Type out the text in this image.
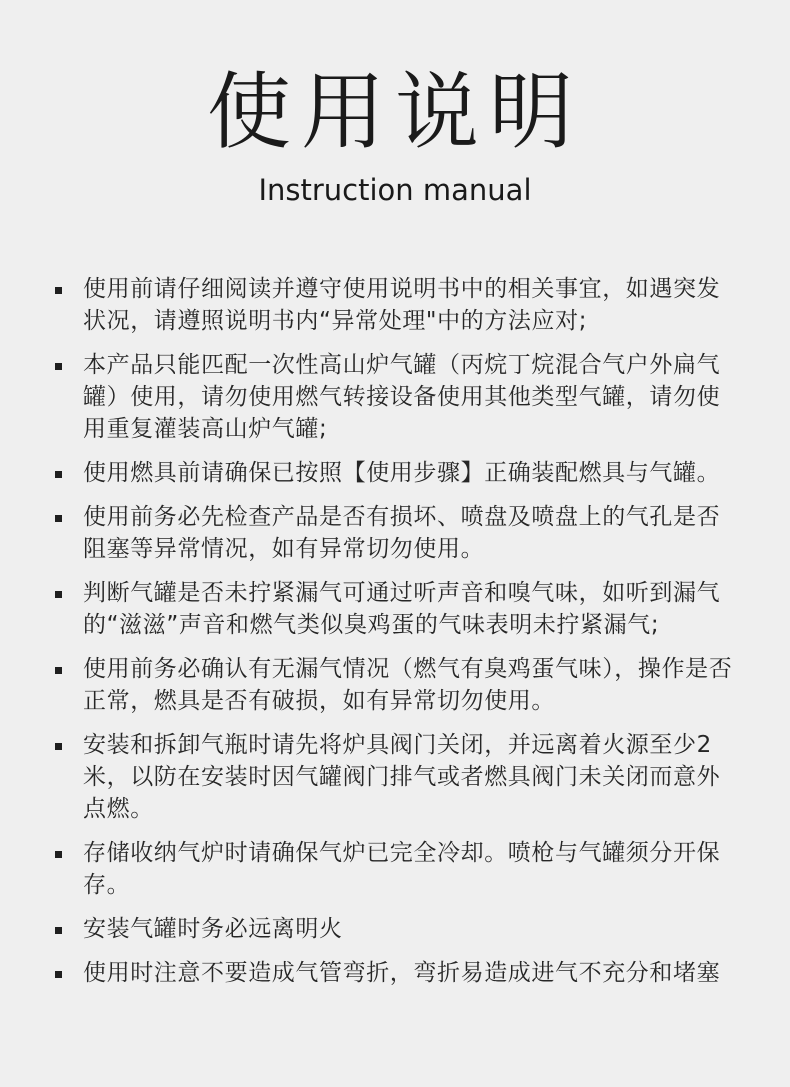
使用说明
Instruction manual
使用前请仔细阅读并遵守使用说明书中的相关事宜，如遇突发状况，请遵照说明书内“异常处理"中的方法应对;
本产品只能匹配一次性高山炉气罐（丙烷丁烷混合气户外扁气罐）使用，请勿使用燃气转接设备使用其他类型气罐，请勿使用重复灌装高山炉气罐;
使用燃具前请确保已按照【使用步骤】正确装配燃具与气罐。
使用前务必先检查产品是否有损坏、喷盘及喷盘上的气孔是否阻塞等异常情况，如有异常切勿使用。
判断气罐是否未拧紧漏气可通过听声音和嗅气味，如听到漏气的“滋滋”声音和燃气类似臭鸡蛋的气味表明未拧紧漏气;
使用前务必确认有无漏气情况（燃气有臭鸡蛋气味），操作是否正常，燃具是否有破损，如有异常切勿使用。
安装和拆卸气瓶时请先将炉具阀门关闭，并远离着火源至少2米，以防在安装时因气罐阀门排气或者燃具阀门未关闭而意外点燃。
存储收纳气炉时请确保气炉已完全冷却。喷枪与气罐须分开保存。
安装气罐时务必远离明火
使用时注意不要造成气管弯折，弯折易造成进气不充分和堵塞
